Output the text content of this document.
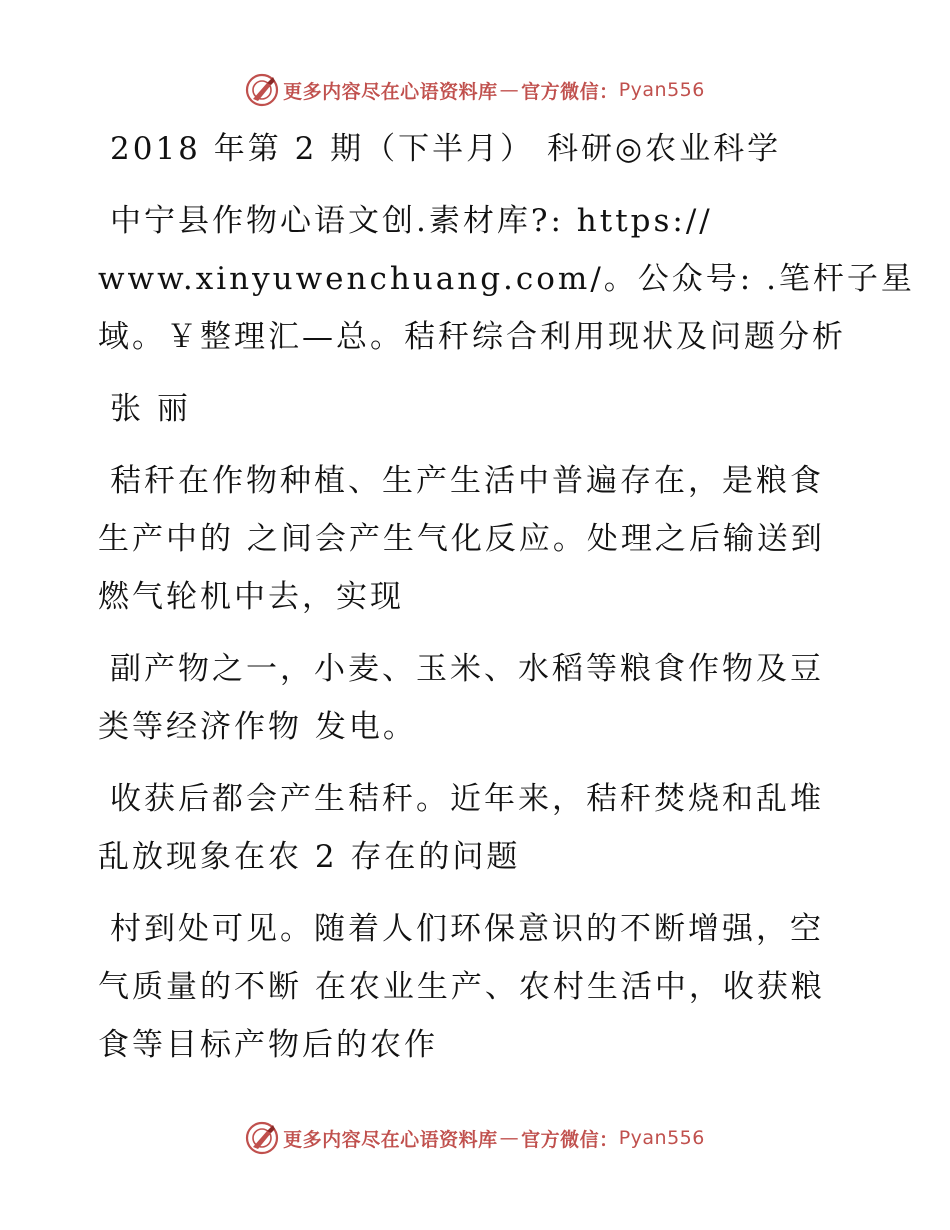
更多内容尽在心语资料库 — 官方微信： Pyan556

2018 年第 2 期（下半月） 科研◎农业科学

中宁县作物心语文创.素材库?: https://

www.xinyuwenchuang.com/。公众号: .笔杆子星

域。￥整理汇—总。秸秆综合利用现状及问题分析

张 丽

秸秆在作物种植、生产生活中普遍存在，是粮食

生产中的 之间会产生气化反应。处理之后输送到

燃气轮机中去，实现

副产物之一，小麦、玉米、水稻等粮食作物及豆

类等经济作物 发电。

收获后都会产生秸秆。近年来，秸秆焚烧和乱堆

乱放现象在农 2 存在的问题

村到处可见。随着人们环保意识的不断增强，空

气质量的不断 在农业生产、农村生活中，收获粮

食等目标产物后的农作

更多内容尽在心语资料库 — 官方微信： Pyan556
